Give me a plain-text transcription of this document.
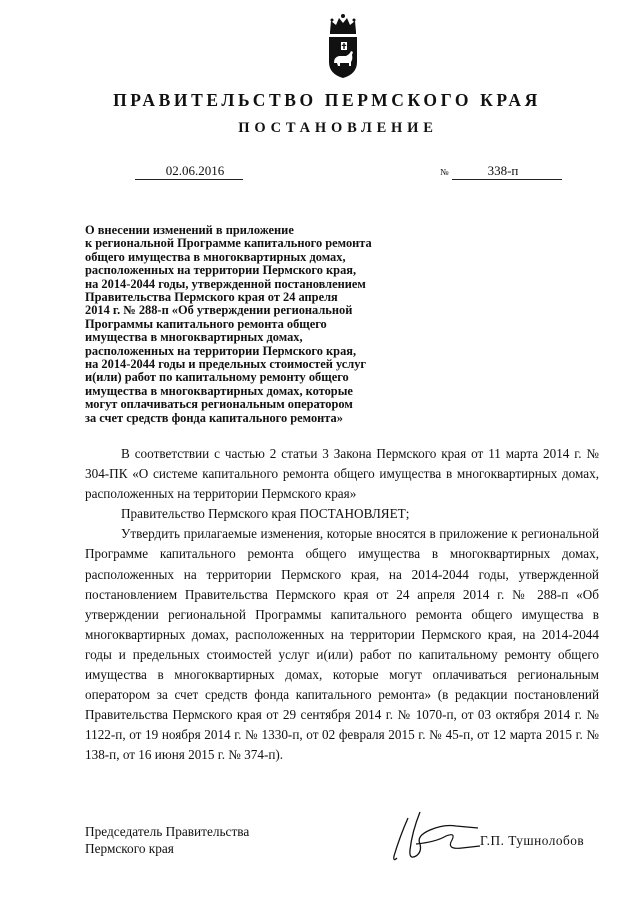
ПРАВИТЕЛЬСТВО ПЕРМСКОГО КРАЯ
ПОСТАНОВЛЕНИЕ
02.06.2016	№	338-п
О внесении изменений в приложение
к региональной Программе капитального ремонта
общего имущества в многоквартирных домах,
расположенных на территории Пермского края,
на 2014-2044 годы, утвержденной постановлением
Правительства Пермского края от 24 апреля
2014 г. № 288-п «Об утверждении региональной
Программы капитального ремонта общего
имущества в многоквартирных домах,
расположенных на территории Пермского края,
на 2014-2044 годы и предельных стоимостей услуг
и(или) работ по капитальному ремонту общего
имущества в многоквартирных домах, которые
могут оплачиваться региональным оператором
за счет средств фонда капитального ремонта»

В соответствии с частью 2 статьи 3 Закона Пермского края от 11 марта 2014 г. № 304-ПК «О системе капитального ремонта общего имущества в многоквартирных домах, расположенных на территории Пермского края»

Правительство Пермского края ПОСТАНОВЛЯЕТ;

Утвердить прилагаемые изменения, которые вносятся в приложение к региональной Программе капитального ремонта общего имущества в многоквартирных домах, расположенных на территории Пермского края, на 2014-2044 годы, утвержденной постановлением Правительства Пермского края от 24 апреля 2014 г. № 288-п «Об утверждении региональной Программы капитального ремонта общего имущества в многоквартирных домах, расположенных на территории Пермского края, на 2014-2044 годы и предельных стоимостей услуг и(или) работ по капитальному ремонту общего имущества в многоквартирных домах, которые могут оплачиваться региональным оператором за счет средств фонда капитального ремонта» (в редакции постановлений Правительства Пермского края от 29 сентября 2014 г. № 1070-п, от 03 октября 2014 г. № 1122-п, от 19 ноября 2014 г. № 1330-п, от 02 февраля 2015 г. № 45-п, от 12 марта 2015 г. № 138-п, от 16 июня 2015 г. № 374-п).

Председатель Правительства
Пермского края
Г.П. Тушнолобов
